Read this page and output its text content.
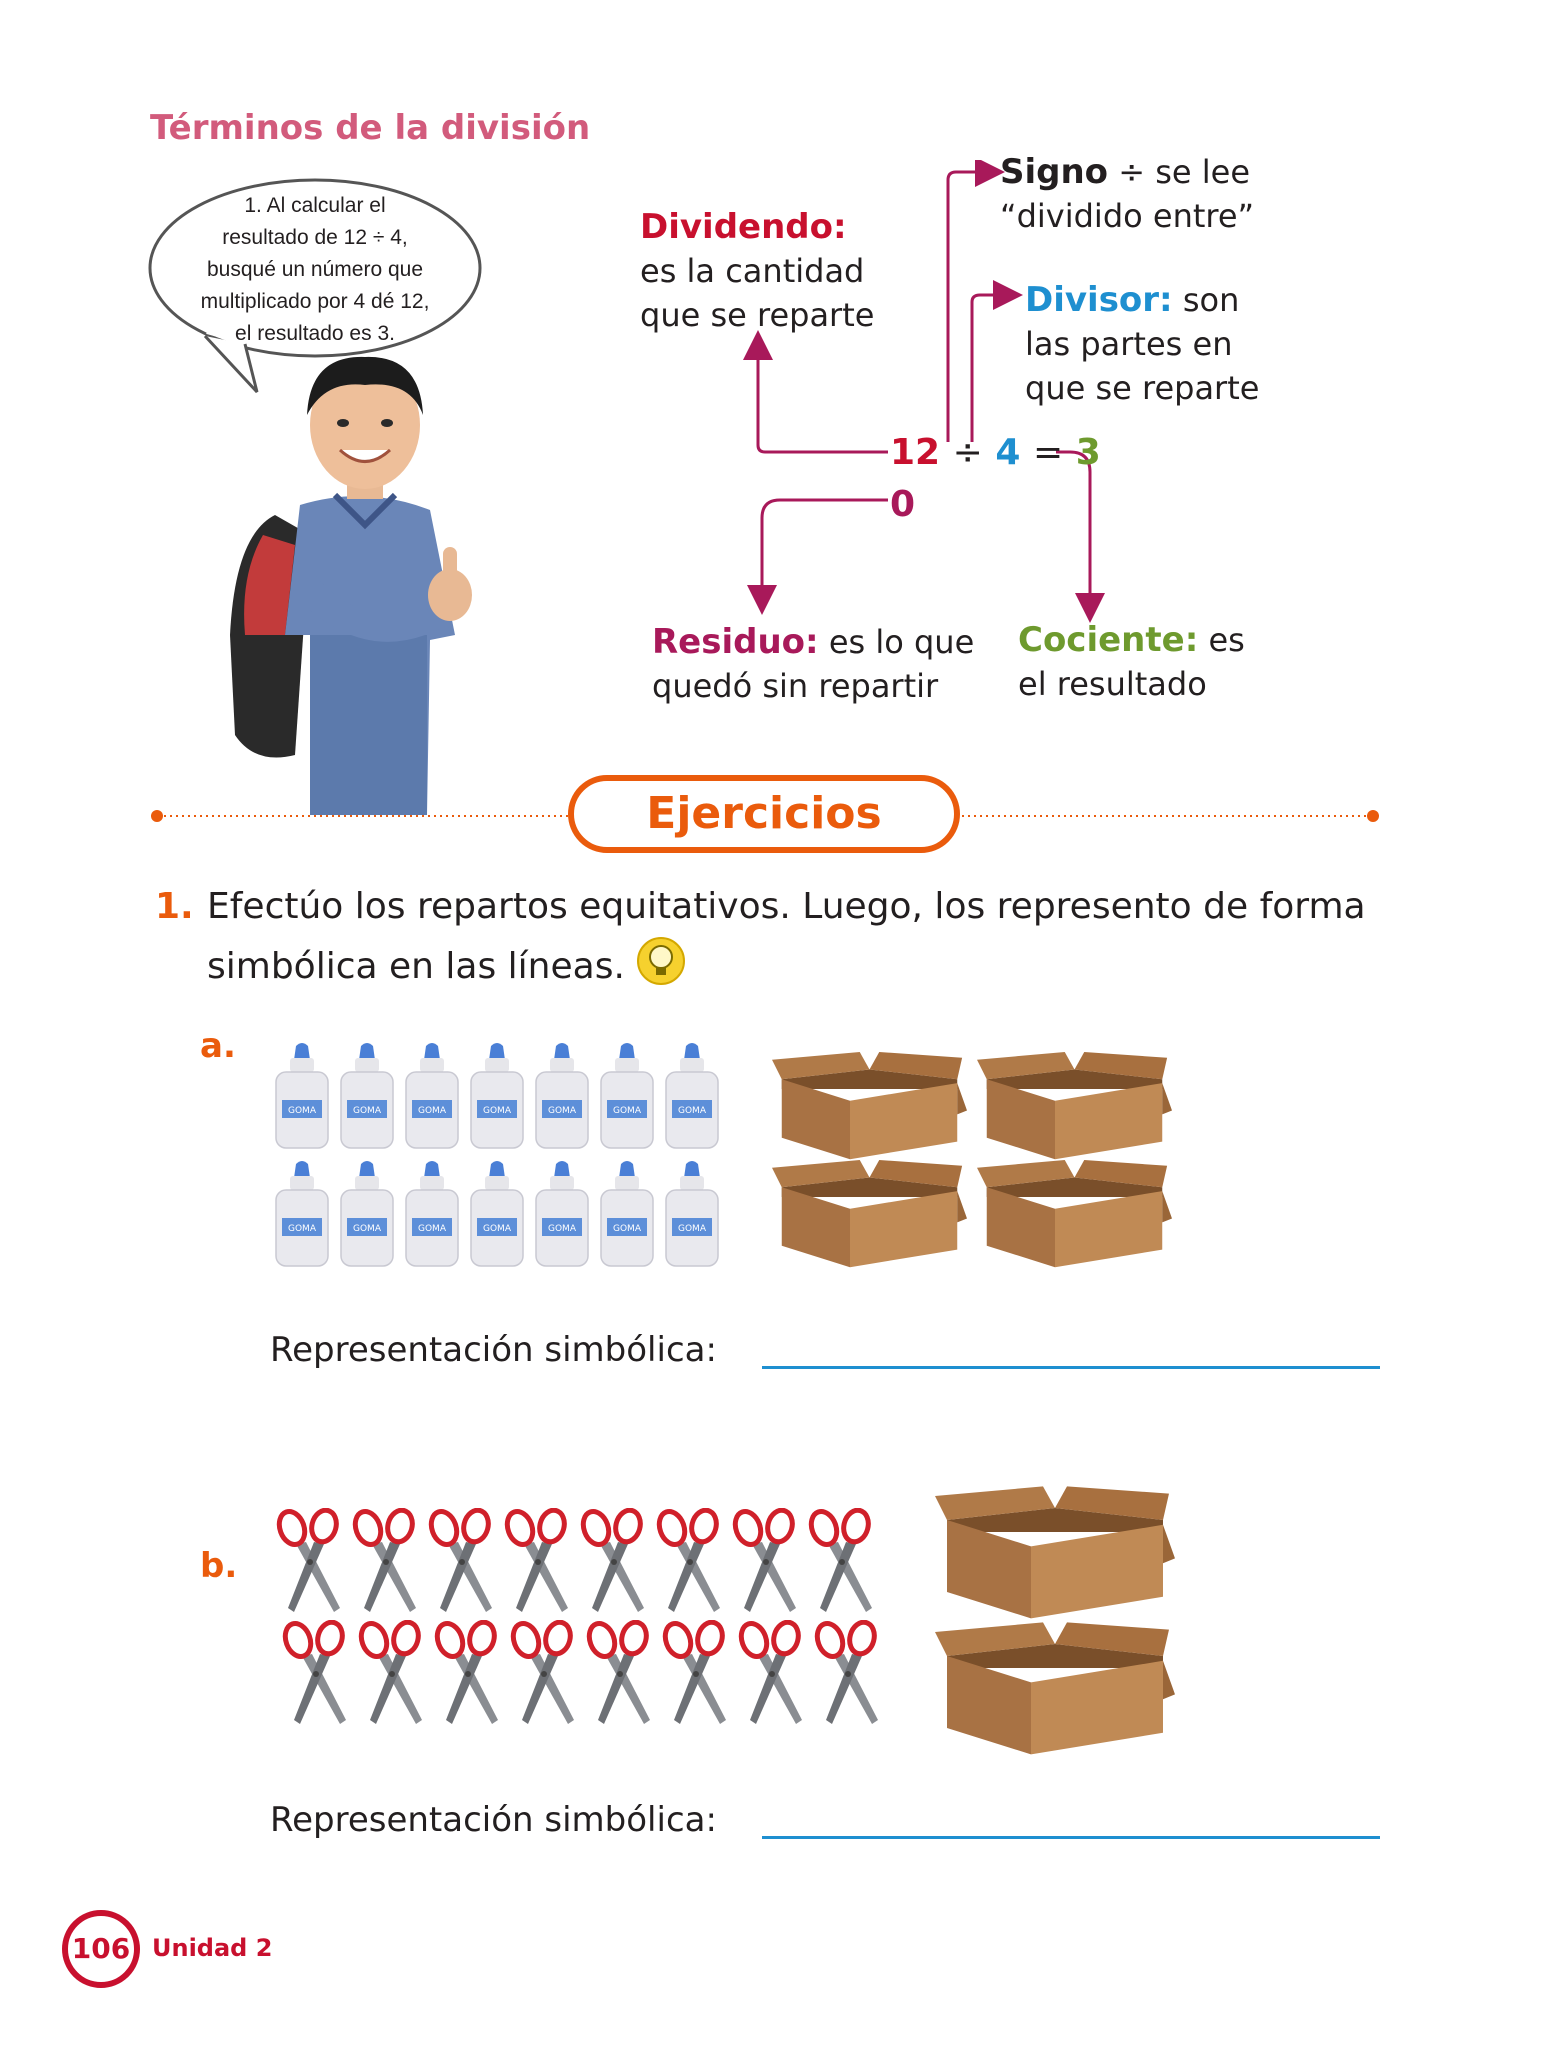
Términos de la división
1. Al calcular el
resultado de 12 ÷ 4,
busqué un número que
multiplicado por 4 dé 12,
el resultado es 3.
Signo ÷ se lee
“dividido entre”
Dividendo:
es la cantidad
que se reparte	Divisor: son
las partes en
que se reparte
12 ÷ 4 = 3
0
Residuo: es lo que
quedó sin repartir
Cociente: es
el resultado
Ejercicios
1. Efectúo los repartos equitativos. Luego, los represento de forma
simbólica en las líneas.
a.
GOMA	GOMA	GOMA	GOMA	GOMA	GOMA	GOMA
GOMA	GOMA	GOMA	GOMA	GOMA	GOMA	GOMA
Representación simbólica:
b.
Representación simbólica:
106 Unidad 2
